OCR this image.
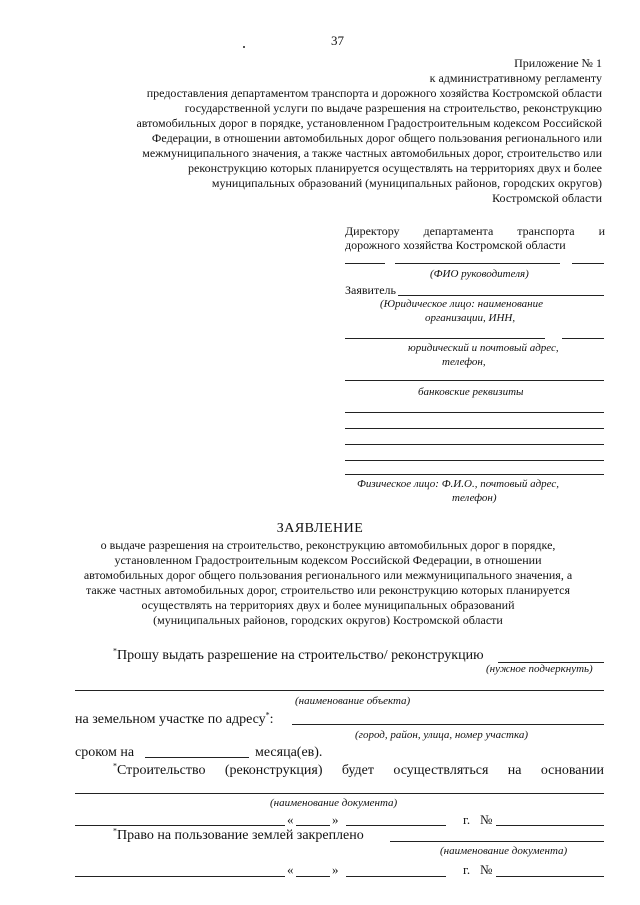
37
Приложение № 1
к административному регламенту
предоставления департаментом транспорта и дорожного хозяйства Костромской области
государственной услуги по выдаче разрешения на строительство, реконструкцию
автомобильных дорог в порядке, установленном Градостроительным кодексом Российской
Федерации, в отношении автомобильных дорог общего пользования регионального или
межмуниципального значения, а также частных автомобильных дорог, строительство или
реконструкцию которых планируется осуществлять на территориях двух и более
муниципальных образований (муниципальных районов, городских округов)
Костромской области
Директору департамента транспорта и
дорожного хозяйства Костромской области
(ФИО руководителя)
Заявитель
(Юридическое лицо: наименование
организации, ИНН,
юридический и почтовый адрес,
телефон,
банковские реквизиты
Физическое лицо: Ф.И.О., почтовый адрес,
телефон)
ЗАЯВЛЕНИЕ
о выдаче разрешения на строительство, реконструкцию автомобильных дорог в порядке,
установленном Градостроительным кодексом Российской Федерации, в отношении
автомобильных дорог общего пользования регионального или межмуниципального значения, а
также частных автомобильных дорог, строительство или реконструкцию которых планируется
осуществлять на территориях двух и более муниципальных образований
(муниципальных районов, городских округов) Костромской области
*Прошу выдать разрешение на строительство/ реконструкцию
(нужное подчеркнуть)
(наименование объекта)
на земельном участке по адресу*:
(город, район, улица, номер участка)
сроком на	месяца(ев).
*Строительство (реконструкция) будет осуществляться на основании
(наименование документа)
«	»	г. №
*Право на пользование землей закреплено
(наименование документа)
«	»	г. №
